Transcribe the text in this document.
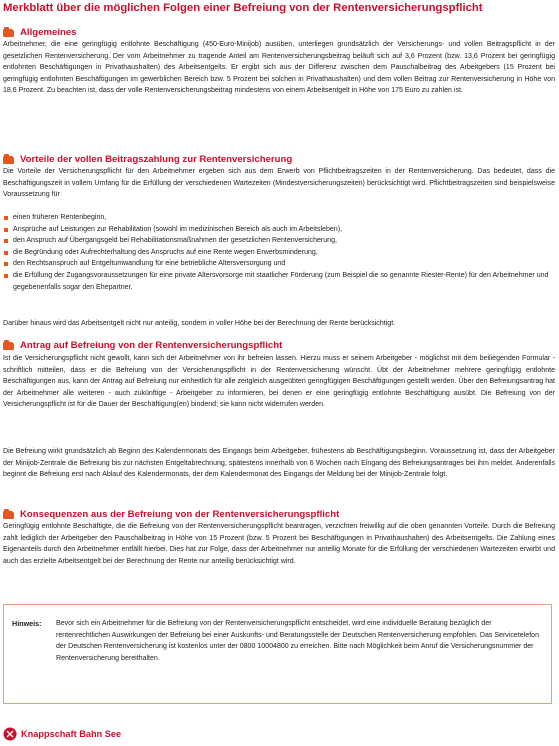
Merkblatt über die möglichen Folgen einer Befreiung von der Rentenversicherungspflicht
Allgemeines
Arbeitnehmer, die eine geringfügig entlohnte Beschäftigung (450-Euro-Minijob) ausüben, unterliegen grundsätzlich der Versicherungs- und vollen Beitragspflicht in der gesetzlichen Rentenversicherung. Der vom Arbeitnehmer zu tragende Anteil am Rentenversicherungsbeitrag beläuft sich auf 3,6 Prozent (bzw. 13,6 Prozent bei geringfügig entlohnten Beschäftigungen in Privathaushalten) des Arbeitsentgelts. Er ergibt sich aus der Differenz zwischen dem Pauschalbeitrag des Arbeitgebers (15 Prozent bei geringfügig entlohnten Beschäftigungen im gewerblichen Bereich bzw. 5 Prozent bei solchen in Privathaushalten) und dem vollen Beitrag zur Rentenversicherung in Höhe von 18,6 Prozent. Zu beachten ist, dass der volle Rentenversicherungsbeitrag mindestens von einem Arbeitsentgelt in Höhe von 175 Euro zu zahlen ist.
Vorteile der vollen Beitragszahlung zur Rentenversicherung
Die Vorteile der Versicherungspflicht für den Arbeitnehmer ergeben sich aus dem Erwerb von Pflichtbeitragszeiten in der Rentenversicherung. Das bedeutet, dass die Beschäftigungszeit in vollem Umfang für die Erfüllung der verschiedenen Wartezeiten (Mindestversicherungszeiten) berücksichtigt wird. Pflichtbeitragszeiten sind beispielsweise Voraussetzung für
einen früheren Rentenbeginn,
Ansprüche auf Leistungen zur Rehabilitation (sowohl im medizinischen Bereich als auch im Arbeitsleben),
den Anspruch auf Übergangsgeld bei Rehabilitationsmaßnahmen der gesetzlichen Rentenversicherung,
die Begründung oder Aufrechterhaltung des Anspruchs auf eine Rente wegen Erwerbsminderung,
den Rechtsanspruch auf Entgeltumwandlung für eine betriebliche Altersversorgung und
die Erfüllung der Zugangsvoraussetzungen für eine private Altersvorsorge mit staatlicher Förderung (zum Beispiel die so genannte Riester-Rente) für den Arbeitnehmer und gegebenenfalls sogar den Ehepartner.
Darüber hinaus wird das Arbeitsentgelt nicht nur anteilig, sondern in voller Höhe bei der Berechnung der Rente berücksichtigt.
Antrag auf Befreiung von der Rentenversicherungspflicht
Ist die Versicherungspflicht nicht gewollt, kann sich der Arbeitnehmer von ihr befreien lassen. Hierzu muss er seinem Arbeitgeber - möglichst mit dem beiliegenden Formular - schriftlich mitteilen, dass er die Befreiung von der Versicherungspflicht in der Rentenversicherung wünscht. Übt der Arbeitnehmer mehrere geringfügig entlohnte Beschäftigungen aus, kann der Antrag auf Befreiung nur einheitlich für alle zeitgleich ausgeübten geringfügigen Beschäftigungen gestellt werden. Über den Befreiungsantrag hat der Arbeitnehmer alle weiteren - auch zukünftige - Arbeitgeber zu informieren, bei denen er eine geringfügig entlohnte Beschäftigung ausübt. Die Befreiung von der Versicherungspflicht ist für die Dauer der Beschäftigung(en) bindend; sie kann nicht widerrufen werden.
Die Befreiung wirkt grundsätzlich ab Beginn des Kalendermonats des Eingangs beim Arbeitgeber, frühestens ab Beschäftigungsbeginn. Voraussetzung ist, dass der Arbeitgeber der Minijob-Zentrale die Befreiung bis zur nächsten Entgeltabrechnung, spätestens innerhalb von 6 Wochen nach Eingang des Befreiungsantrages bei ihm meldet. Anderenfalls beginnt die Befreiung erst nach Ablauf des Kalendermonats, der dem Kalendermonat des Eingangs der Meldung bei der Minijob-Zentrale folgt.
Konsequenzen aus der Befreiung von der Rentenversicherungspflicht
Geringfügig entlohnte Beschäftigte, die die Befreiung von der Rentenversicherungspflicht beantragen, verzichten freiwillig auf die oben genannten Vorteile. Durch die Befreiung zahlt lediglich der Arbeitgeber den Pauschalbeitrag in Höhe von 15 Prozent (bzw. 5 Prozent bei Beschäftigungen in Privathaushalten) des Arbeitsentgelts. Die Zahlung eines Eigenanteils durch den Arbeitnehmer entfällt hierbei. Dies hat zur Folge, dass der Arbeitnehmer nur anteilig Monate für die Erfüllung der verschiedenen Wartezeiten erwirbt und auch das erzielte Arbeitsentgelt bei der Berechnung der Rente nur anteilig berücksichtigt wird.
Hinweis: Bevor sich ein Arbeitnehmer für die Befreiung von der Rentenversicherungspflicht entscheidet, wird eine individuelle Beratung bezüglich der rentenrechtlichen Auswirkungen der Befreiung bei einer Auskunfts- und Beratungsstelle der Deutschen Rentenversicherung empfohlen. Das Servicetelefon der Deutschen Rentenversicherung ist kostenlos unter der 0800 10004800 zu erreichen. Bitte nach Möglichkeit beim Anruf die Versicherungsnummer der Rentenversicherung bereithalten.
Knappschaft Bahn See
